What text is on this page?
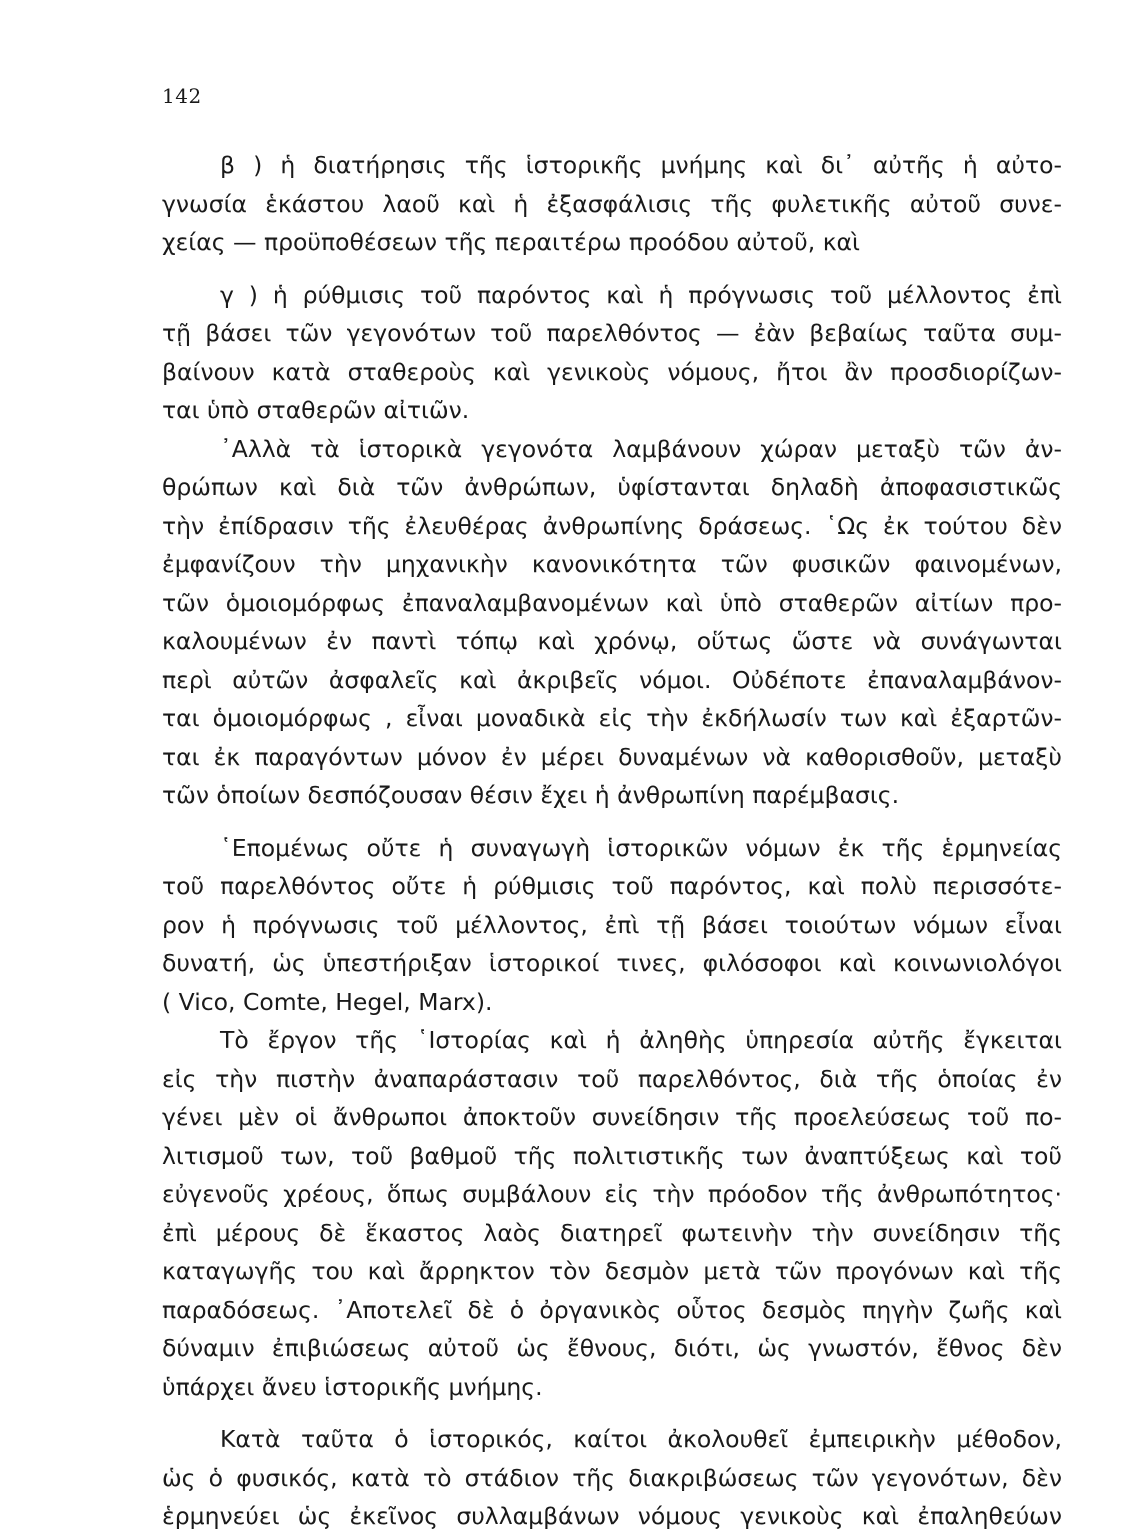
142
β ) ἡ διατήρησις τῆς ἱστορικῆς μνήμης καὶ δι᾽ αὐτῆς ἡ αὐτο-
γνωσία ἑκάστου λαοῦ καὶ ἡ ἐξασφάλισις τῆς φυλετικῆς αὐτοῦ συνε-
χείας — προϋποθέσεων τῆς περαιτέρω προόδου αὐτοῦ, καὶ
γ ) ἡ ρύθμισις τοῦ παρόντος καὶ ἡ πρόγνωσις τοῦ μέλλοντος ἐπὶ
τῇ βάσει τῶν γεγονότων τοῦ παρελθόντος — ἐὰν βεβαίως ταῦτα συμ-
βαίνουν κατὰ σταθεροὺς καὶ γενικοὺς νόμους, ἤτοι ἂν προσδιορίζων-
ται ὑπὸ σταθερῶν αἰτιῶν.
᾿Αλλὰ τὰ ἱστορικὰ γεγονότα λαμβάνουν χώραν μεταξὺ τῶν ἀν-
θρώπων καὶ διὰ τῶν ἀνθρώπων, ὑφίστανται δηλαδὴ ἀποφασιστικῶς
τὴν ἐπίδρασιν τῆς ἐλευθέρας ἀνθρωπίνης δράσεως. ῾Ως ἐκ τούτου δὲν
ἐμφανίζουν τὴν μηχανικὴν κανονικότητα τῶν φυσικῶν φαινομένων,
τῶν ὁμοιομόρφως ἐπαναλαμβανομένων καὶ ὑπὸ σταθερῶν αἰτίων προ-
καλουμένων ἐν παντὶ τόπῳ καὶ χρόνῳ, οὕτως ὥστε νὰ συνάγωνται
περὶ αὐτῶν ἀσφαλεῖς καὶ ἀκριβεῖς νόμοι. Οὐδέποτε ἐπαναλαμβάνον-
ται ὁμοιομόρφως , εἶναι μοναδικὰ εἰς τὴν ἐκδήλωσίν των καὶ ἐξαρτῶν-
ται ἐκ παραγόντων μόνον ἐν μέρει δυναμένων νὰ καθορισθοῦν, μεταξὺ
τῶν ὁποίων δεσπόζουσαν θέσιν ἔχει ἡ ἀνθρωπίνη παρέμβασις.
῾Επομένως οὔτε ἡ συναγωγὴ ἱστορικῶν νόμων ἐκ τῆς ἑρμηνείας
τοῦ παρελθόντος οὔτε ἡ ρύθμισις τοῦ παρόντος, καὶ πολὺ περισσότε-
ρον ἡ πρόγνωσις τοῦ μέλλοντος, ἐπὶ τῇ βάσει τοιούτων νόμων εἶναι
δυνατή, ὡς ὑπεστήριξαν ἱστορικοί τινες, φιλόσοφοι καὶ κοινωνιολόγοι
( Vico, Comte, Hegel, Marx).
Τὸ ἔργον τῆς ῾Ιστορίας καὶ ἡ ἀληθὴς ὑπηρεσία αὐτῆς ἔγκειται
εἰς τὴν πιστὴν ἀναπαράστασιν τοῦ παρελθόντος, διὰ τῆς ὁποίας ἐν
γένει μὲν οἱ ἄνθρωποι ἀποκτοῦν συνείδησιν τῆς προελεύσεως τοῦ πο-
λιτισμοῦ των, τοῦ βαθμοῦ τῆς πολιτιστικῆς των ἀναπτύξεως καὶ τοῦ
εὐγενοῦς χρέους, ὅπως συμβάλουν εἰς τὴν πρόοδον τῆς ἀνθρωπότητος·
ἐπὶ μέρους δὲ ἕκαστος λαὸς διατηρεῖ φωτεινὴν τὴν συνείδησιν τῆς
καταγωγῆς του καὶ ἄρρηκτον τὸν δεσμὸν μετὰ τῶν προγόνων καὶ τῆς
παραδόσεως. ᾿Αποτελεῖ δὲ ὁ ὀργανικὸς οὗτος δεσμὸς πηγὴν ζωῆς καὶ
δύναμιν ἐπιβιώσεως αὐτοῦ ὡς ἔθνους, διότι, ὡς γνωστόν, ἔθνος δὲν
ὑπάρχει ἄνευ ἱστορικῆς μνήμης.
Κατὰ ταῦτα ὁ ἱστορικός, καίτοι ἀκολουθεῖ ἐμπειρικὴν μέθοδον,
ὡς ὁ φυσικός, κατὰ τὸ στάδιον τῆς διακριβώσεως τῶν γεγονότων, δὲν
ἑρμηνεύει ὡς ἐκεῖνος συλλαμβάνων νόμους γενικοὺς καὶ ἐπαληθεύων
